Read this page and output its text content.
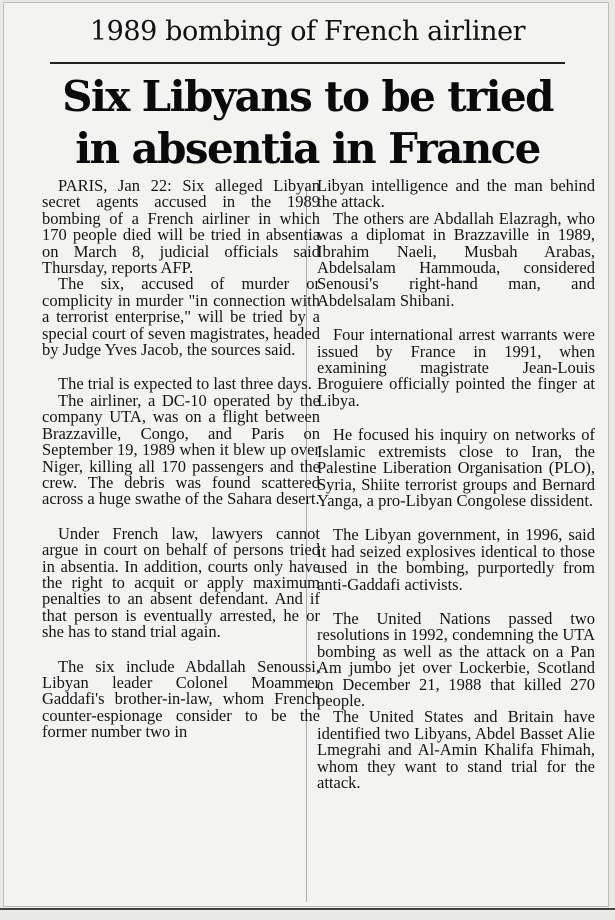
1989 bombing of French airliner
Six Libyans to be tried
in absentia in France

PARIS, Jan 22: Six alleged Libyan secret agents accused in the 1989 bombing of a French airliner in which 170 people died will be tried in absentia on March 8, judicial officials said Thursday, reports AFP.

The six, accused of murder or complicity in murder "in connection with a terrorist enterprise," will be tried by a special court of seven magistrates, headed by Judge Yves Jacob, the sources said.

The trial is expected to last three days.

The airliner, a DC-10 operated by the company UTA, was on a flight between Brazzaville, Congo, and Paris on September 19, 1989 when it blew up over Niger, killing all 170 passengers and the crew. The debris was found scattered across a huge swathe of the Sahara desert.

Under French law, lawyers cannot argue in court on behalf of persons tried in absentia. In addition, courts only have the right to acquit or apply maximum penalties to an absent defendant. And if that person is eventually arrested, he or she has to stand trial again.

The six include Abdallah Senoussi, Libyan leader Colonel Moammer Gaddafi's brother-in-law, whom French counter-espionage consider to be the former number two in

Libyan intelligence and the man behind the attack.

The others are Abdallah Elazragh, who was a diplomat in Brazzaville in 1989, Ibrahim Naeli, Musbah Arabas, Abdelsalam Hammouda, considered Senousi's right-hand man, and Abdelsalam Shibani.

Four international arrest warrants were issued by France in 1991, when examining magistrate Jean-Louis Broguiere officially pointed the finger at Libya.

He focused his inquiry on networks of Islamic extremists close to Iran, the Palestine Liberation Organisation (PLO), Syria, Shiite terrorist groups and Bernard Yanga, a pro-Libyan Congolese dissident.

The Libyan government, in 1996, said it had seized explosives identical to those used in the bombing, purportedly from anti-Gaddafi activists.

The United Nations passed two resolutions in 1992, condemning the UTA bombing as well as the attack on a Pan Am jumbo jet over Lockerbie, Scotland on December 21, 1988 that killed 270 people.

The United States and Britain have identified two Libyans, Abdel Basset Alie Lmegrahi and Al-Amin Khalifa Fhimah, whom they want to stand trial for the attack.
